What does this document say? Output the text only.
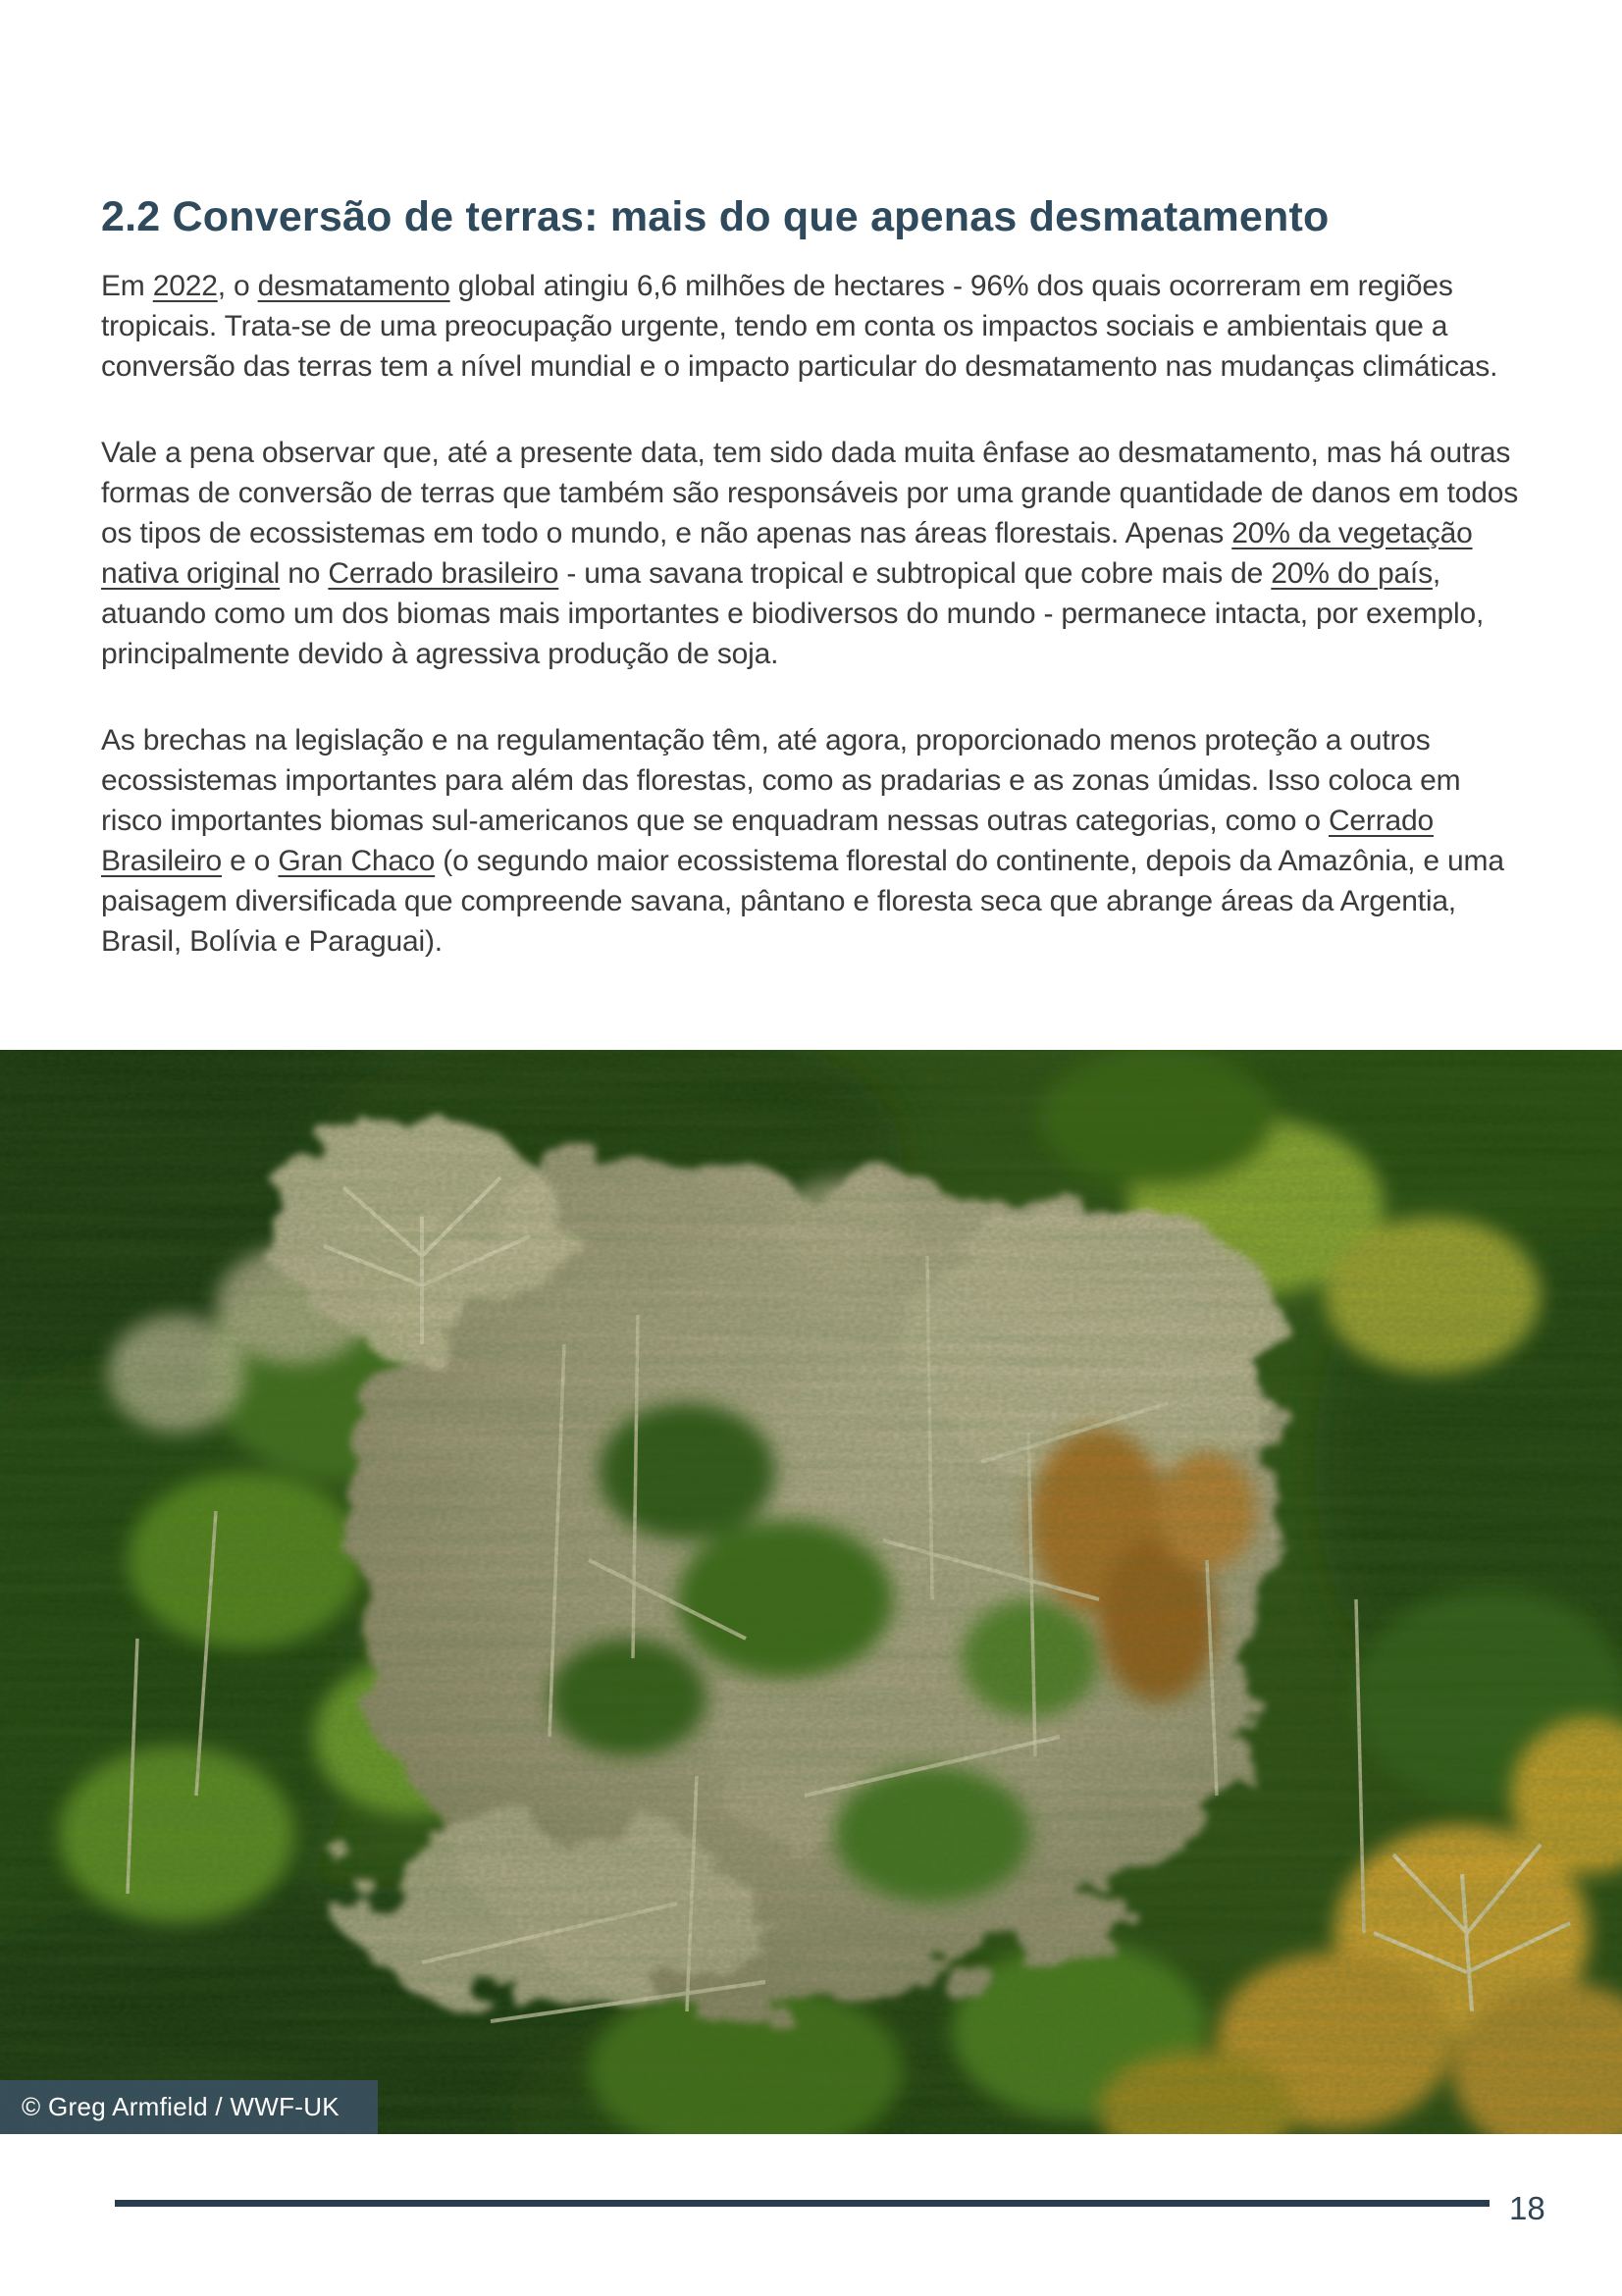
2.2 Conversão de terras: mais do que apenas desmatamento

Em 2022, o desmatamento global atingiu 6,6 milhões de hectares - 96% dos quais ocorreram em regiões tropicais. Trata-se de uma preocupação urgente, tendo em conta os impactos sociais e ambientais que a conversão das terras tem a nível mundial e o impacto particular do desmatamento nas mudanças climáticas.

Vale a pena observar que, até a presente data, tem sido dada muita ênfase ao desmatamento, mas há outras formas de conversão de terras que também são responsáveis por uma grande quantidade de danos em todos os tipos de ecossistemas em todo o mundo, e não apenas nas áreas florestais. Apenas 20% da vegetação nativa original no Cerrado brasileiro - uma savana tropical e subtropical que cobre mais de 20% do país, atuando como um dos biomas mais importantes e biodiversos do mundo - permanece intacta, por exemplo, principalmente devido à agressiva produção de soja.

As brechas na legislação e na regulamentação têm, até agora, proporcionado menos proteção a outros ecossistemas importantes para além das florestas, como as pradarias e as zonas úmidas. Isso coloca em risco importantes biomas sul-americanos que se enquadram nessas outras categorias, como o Cerrado Brasileiro e o Gran Chaco (o segundo maior ecossistema florestal do continente, depois da Amazônia, e uma paisagem diversificada que compreende savana, pântano e floresta seca que abrange áreas da Argentia, Brasil, Bolívia e Paraguai).

© Greg Armfield / WWF-UK
18
